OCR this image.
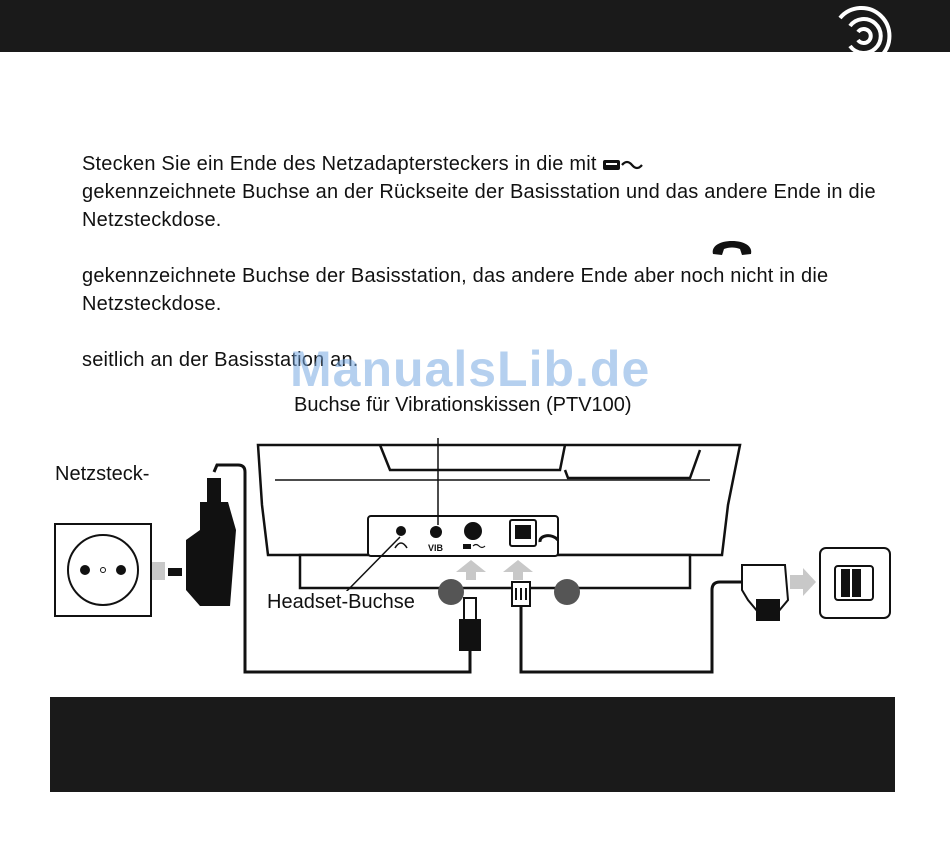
Stecken Sie ein Ende des Netzadaptersteckers in die mit
gekennzeichnete Buchse an der Rückseite der Basisstation und das andere Ende in die Netzsteckdose.

gekennzeichnete Buchse der Basisstation, das andere Ende aber noch nicht in die Netzsteckdose.

seitlich an der Basisstation an.

VIB
ManualsLib.de
Buchse für Vibrationskissen (PTV100)
Netzsteck-
Headset-Buchse
